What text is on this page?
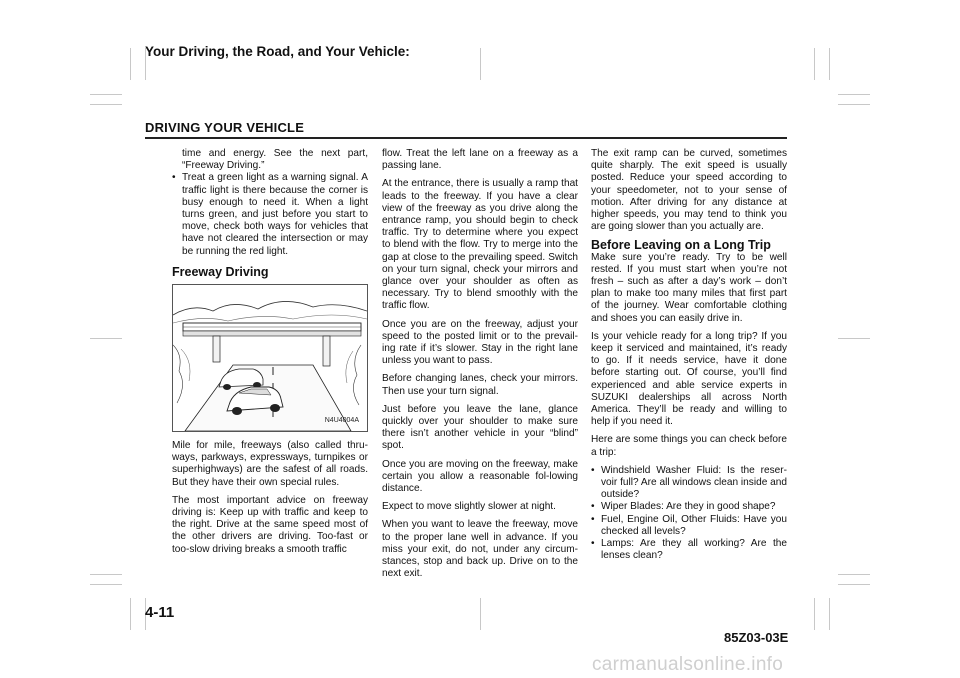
Your Driving, the Road, and Your Vehicle:
DRIVING YOUR VEHICLE

time and energy. See the next part, “Freeway Driving.”

• Treat a green light as a warning signal. A traffic light is there because the corner is busy enough to need it. When a light turns green, and just before you start to move, check both ways for vehicles that have not cleared the intersection or may be running the red light.
Freeway Driving
N4U4004A

Mile for mile, freeways (also called thru-ways, parkways, expressways, turnpikes or superhighways) are the safest of all roads. But they have their own special rules.

The most important advice on freeway driving is: Keep up with traffic and keep to the right. Drive at the same speed most of the other drivers are driving. Too-fast or too-slow driving breaks a smooth traffic

flow. Treat the left lane on a freeway as a passing lane.

At the entrance, there is usually a ramp that leads to the freeway. If you have a clear view of the freeway as you drive along the entrance ramp, you should begin to check traffic. Try to determine where you expect to blend with the flow. Try to merge into the gap at close to the prevailing speed. Switch on your turn signal, check your mirrors and glance over your shoulder as often as necessary. Try to blend smoothly with the traffic flow.

Once you are on the freeway, adjust your speed to the posted limit or to the prevail-ing rate if it’s slower. Stay in the right lane unless you want to pass.

Before changing lanes, check your mirrors. Then use your turn signal.

Just before you leave the lane, glance quickly over your shoulder to make sure there isn’t another vehicle in your “blind” spot.

Once you are moving on the freeway, make certain you allow a reasonable fol-lowing distance.

Expect to move slightly slower at night.

When you want to leave the freeway, move to the proper lane well in advance. If you miss your exit, do not, under any circum-stances, stop and back up. Drive on to the next exit.

The exit ramp can be curved, sometimes quite sharply. The exit speed is usually posted. Reduce your speed according to your speedometer, not to your sense of motion. After driving for any distance at higher speeds, you may tend to think you are going slower than you actually are.

Before Leaving on a Long Trip

Make sure you’re ready. Try to be well rested. If you must start when you’re not fresh – such as after a day’s work – don’t plan to make too many miles that first part of the journey. Wear comfortable clothing and shoes you can easily drive in.

Is your vehicle ready for a long trip? If you keep it serviced and maintained, it’s ready to go. If it needs service, have it done before starting out. Of course, you’ll find experienced and able service experts in SUZUKI dealerships all across North America. They’ll be ready and willing to help if you need it.

Here are some things you can check before a trip:

• Windshield Washer Fluid: Is the reser-voir full? Are all windows clean inside and outside?
• Wiper Blades: Are they in good shape?
• Fuel, Engine Oil, Other Fluids: Have you checked all levels?
• Lamps: Are they all working? Are the lenses clean?
4-11
85Z03-03E
carmanualsonline.info
